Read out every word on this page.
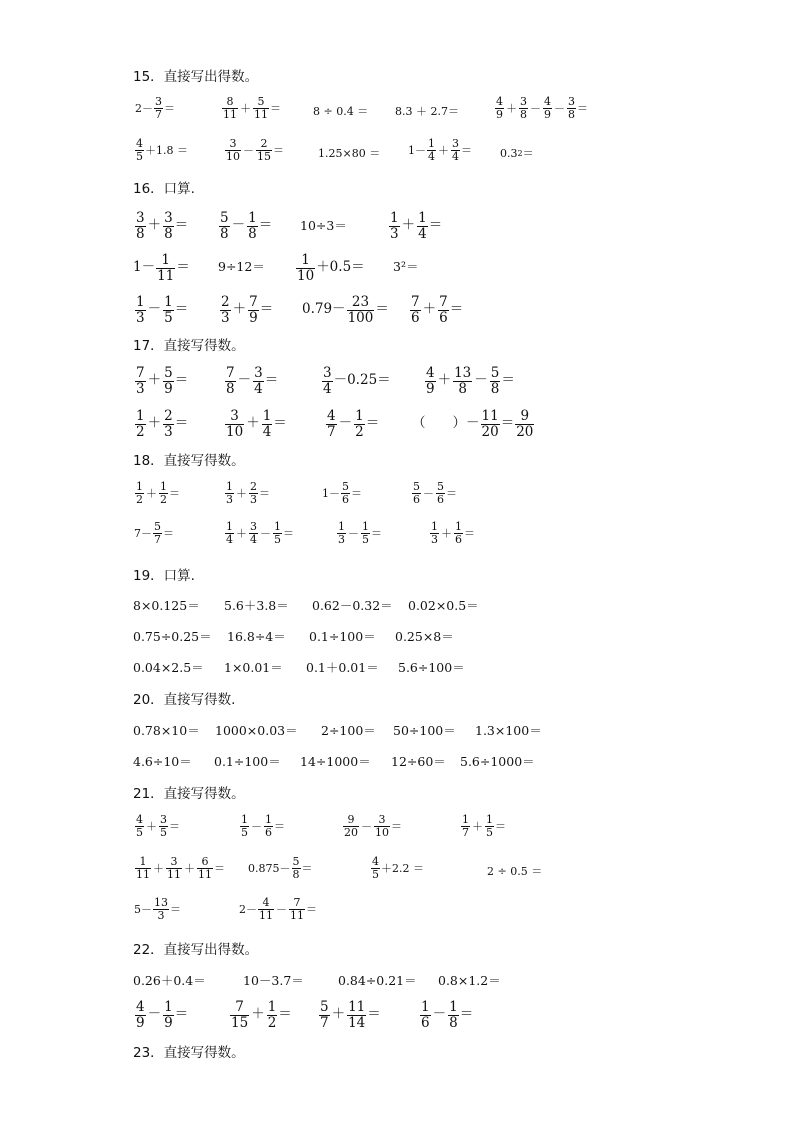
15．直接写出得数。
$2- \frac{3}{7}$ ＝	$\frac{8}{11} + \frac{5}{11}$ ＝	8 ÷ 0.4 ＝ 8.3 ＋ 2.7＝	$\frac{4}{9} + \frac{3}{8} - \frac{4}{9} - \frac{3}{8}$ ＝
$\frac{4}{5} +1.8$ ＝	$\frac{3}{10} - \frac{2}{15}$ ＝	1.25×80 ＝	$1- \frac{1}{4} + \frac{3}{4}$ ＝	0.3 2 ＝
16．口算.
$\frac{3}{8} + \frac{3}{8} = \frac{5}{8} - \frac{1}{8} = 10\div 3=$	$\frac{1}{3} + \frac{1}{4}$ ＝
$1- \frac{1}{11} = 9\div 12= \frac{1}{10} +0.5= 3^2=$
$\frac{1}{3} - \frac{1}{5} = \frac{2}{3} + \frac{7}{9} = 0.79- \frac{23}{100} = \frac{7}{6} + \frac{7}{6}$ ＝
17．直接写得数。
$\frac{7}{3} + \frac{5}{9}$ ＝	$\frac{7}{8} - \frac{3}{4}$ ＝	$\frac{3}{4} -0.25=$	$\frac{4}{9} + \frac{13}{8} - \frac{5}{8}$ ＝
$\frac{1}{2} + \frac{2}{3}$ ＝	$\frac{3}{10} + \frac{1}{4}$ ＝	$\frac{4}{7} - \frac{1}{2}$ ＝ （　　）－ $\frac{11}{20} = \frac{9}{20}$
18．直接写得数。
$\frac{1}{2} + \frac{1}{2}$ ＝	$\frac{1}{3} + \frac{2}{3}$ ＝	$1- \frac{5}{6}$ ＝	$\frac{5}{6} - \frac{5}{6}$ ＝
$7- \frac{5}{7}$ ＝	$\frac{1}{4} + \frac{3}{4} - \frac{1}{5}$ ＝	$\frac{1}{3} - \frac{1}{5}$ ＝	$\frac{1}{3} + \frac{1}{6}$ ＝
19．口算.
8×0.125＝ 5.6＋3.8＝ 0.62－0.32＝ 0.02×0.5＝
0.75÷0.25＝ 16.8÷4＝ 0.1÷100＝ 0.25×8＝
0.04×2.5＝ 1×0.01＝ 0.1＋0.01＝ 5.6÷100＝
20．直接写得数.
0.78×10＝ 1000×0.03＝ 2÷100＝ 50÷100＝ 1.3×100＝
4.6÷10＝ 0.1÷100＝ 14÷1000＝ 12÷60＝ 5.6÷1000＝
21．直接写得数。
$\frac{4}{5} + \frac{3}{5}$ ＝	$\frac{1}{5} - \frac{1}{6}$ ＝	$\frac{9}{20} - \frac{3}{10}$ ＝	$\frac{1}{7} + \frac{1}{5}$ ＝
$\frac{1}{11} + \frac{3}{11} + \frac{6}{11} = 0.875- \frac{5}{8}$ ＝	$\frac{4}{5} +2.2$ ＝	2 ÷ 0.5 ＝
$5- \frac{13}{3}$ ＝	$2- \frac{4}{11} - \frac{7}{11}$ ＝
22．直接写出得数。
0.26＋0.4＝	10－3.7＝	0.84÷0.21＝ 0.8×1.2＝
$\frac{4}{9} - \frac{1}{9}$ ＝	$\frac{7}{15} + \frac{1}{2} = \frac{5}{7} + \frac{11}{14}$ ＝	$\frac{1}{6} - \frac{1}{8}$ ＝
23．直接写得数。
